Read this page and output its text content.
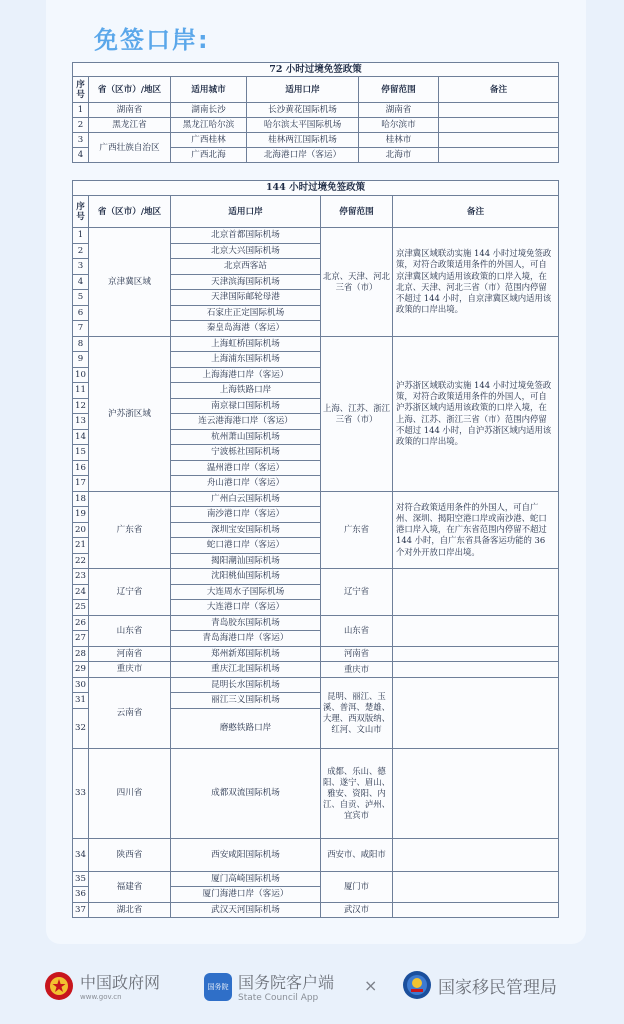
免签口岸:
72 小时过境免签政策					
序号	省（区市）/地区	适用城市	适用口岸	停留范围	备注
1	湖南省	湖南长沙	长沙黄花国际机场	湖南省	
2	黑龙江省	黑龙江哈尔滨	哈尔滨太平国际机场	哈尔滨市	
3	广西壮族自治区	广西桂林	桂林两江国际机场	桂林市	
4		广西北海	北海港口岸（客运）	北海市	
144 小时过境免签政策				
序号	省（区市）/地区	适用口岸	停留范围	备注
1	京津冀区域	北京首都国际机场	北京、天津、河北三省（市）	京津冀区域联动实施 144 小时过境免签政策，对符合政策适用条件的外国人，可自京津冀区域内适用该政策的口岸入境，在北京、天津、河北三省（市）范围内停留不超过 144 小时，自京津冀区域内适用该政策的口岸出境。
2		北京大兴国际机场		
3		北京西客站		
4		天津滨海国际机场		
5		天津国际邮轮母港		
6		石家庄正定国际机场		
7		秦皇岛海港（客运）		
8	沪苏浙区域	上海虹桥国际机场	上海、江苏、浙江三省（市）	沪苏浙区域联动实施 144 小时过境免签政策，对符合政策适用条件的外国人，可自沪苏浙区域内适用该政策的口岸入境，在上海、江苏、浙江三省（市）范围内停留不超过 144 小时，自沪苏浙区域内适用该政策的口岸出境。
9		上海浦东国际机场		
10		上海海港口岸（客运）		
11		上海铁路口岸		
12		南京禄口国际机场		
13		连云港海港口岸（客运）		
14		杭州萧山国际机场		
15		宁波栎社国际机场		
16		温州港口岸（客运）		
17		舟山港口岸（客运）		
18	广东省	广州白云国际机场	广东省	对符合政策适用条件的外国人，可自广州、深圳、揭阳空港口岸或南沙港、蛇口港口岸入境，在广东省范围内停留不超过 144 小时，自广东省具备客运功能的 36 个对外开放口岸出境。
19		南沙港口岸（客运）		
20		深圳宝安国际机场		
21		蛇口港口岸（客运）		
22		揭阳潮汕国际机场		
23	辽宁省	沈阳桃仙国际机场	辽宁省	
24		大连周水子国际机场		
25		大连港口岸（客运）		
26	山东省	青岛胶东国际机场	山东省	
27		青岛海港口岸（客运）		
28	河南省	郑州新郑国际机场	河南省	
29	重庆市	重庆江北国际机场	重庆市	
30	云南省	昆明长水国际机场	昆明、丽江、玉溪、普洱、楚雄、大理、西双版纳、红河、文山市	
31		丽江三义国际机场		
32		磨憨铁路口岸		
33	四川省	成都双流国际机场	成都、乐山、德阳、遂宁、眉山、雅安、资阳、内江、自贡、泸州、宜宾市	
34	陕西省	西安咸阳国际机场	西安市、咸阳市	
35	福建省	厦门高崎国际机场	厦门市	
36		厦门海港口岸（客运）		
37	湖北省	武汉天河国际机场	武汉市	
中国政府网
www.gov.cn
国务院 国务院客户端
State Council App
×	国家移民管理局
